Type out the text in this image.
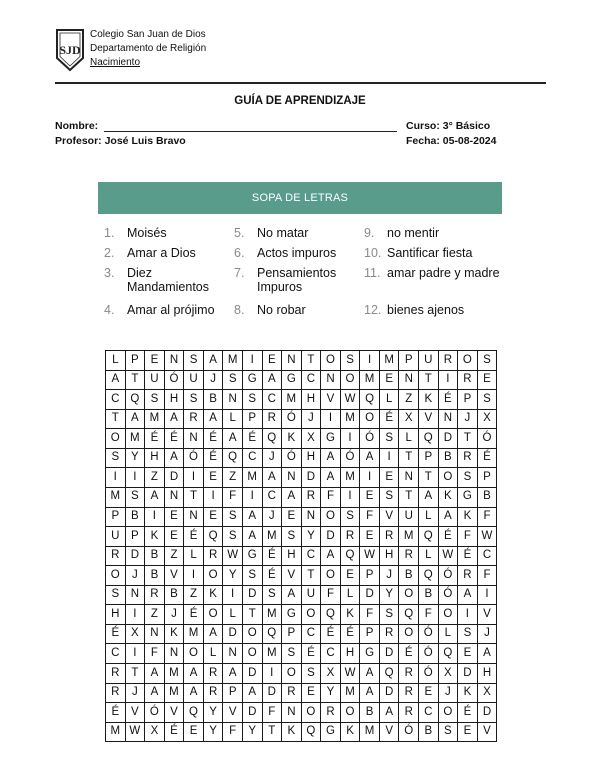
SJD
Colegio San Juan de Dios
Departamento de Religión
Nacimiento
GUÍA DE APRENDIZAJE
Nombre:	Curso: 3° Básico
Profesor: José Luis Bravo	Fecha: 05-08-2024
SOPA DE LETRAS
1.	Moisés
2.	Amar a Dios
3.	Diez Mandamientos
4.	Amar al prójimo
5.	No matar
6.	Actos impuros
7.	Pensamientos Impuros
8.	No robar
9.	no mentir
10. Santificar fiesta
11. amar padre y madre
12. bienes ajenos
L	P	E	N	S	A	M	I	E	N	T	O	S	I	M	P	U	R	O	S
A	T	U	Ó	U	J	S	G	A	G	C	N	O	M	E	N	T	I	R	E
C	Q	S	H	S	B	N	S	C	M	H	V	W	Q	L	Z	K	É	P	S
T	A	M	A	R	A	L	P	R	Ó	J	I	M	O	É	X	V	N	J	X
O	M	É	É	N	É	A	É	Q	K	X	G	I	Ó	S	L	Q	D	T	Ó
S	Y	H	A	Ó	É	Q	C	J	Ó	H	A	Ó	A	I	T	P	B	R	É
I	I	Z	D	I	E	Z	M	A	N	D	A	M	I	E	N	T	O	S	P
M	S	A	N	T	I	F	I	C	A	R	F	I	E	S	T	A	K	G	B
P	B	I	E	N	E	S	A	J	E	N	O	S	F	V	U	L	A	K	F
U	P	K	E	É	Q	S	A	M	S	Y	D	R	E	R	M	Q	É	F	W
R	D	B	Z	L	R	W	G	É	H	C	A	Q	W	H	R	L	W	É	C
O	J	B	V	I	O	Y	S	É	V	T	O	E	P	J	B	Q	Ó	R	F
S	N	R	B	Z	K	I	D	S	A	U	F	L	D	Y	O	B	Ó	A	I
H	I	Z	J	É	O	L	T	M	G	O	Q	K	F	S	Q	F	O	I	V
É	X	N	K	M	A	D	O	Q	P	C	É	É	P	R	O	Ó	L	S	J
C	I	F	N	O	L	N	O	M	S	É	C	H	G	D	É	Ó	Q	E	A
R	T	A	M	A	R	A	D	I	O	S	X	W	A	Q	R	Ó	X	D	H
R	J	A	M	A	R	P	A	D	R	E	Y	M	A	D	R	E	J	K	X
É	V	Ó	V	Q	Y	V	D	F	N	O	R	O	B	A	R	C	O	É	D
M	W	X	É	E	Y	F	Y	T	K	Q	G	K	M	V	Ó	B	S	E	V
